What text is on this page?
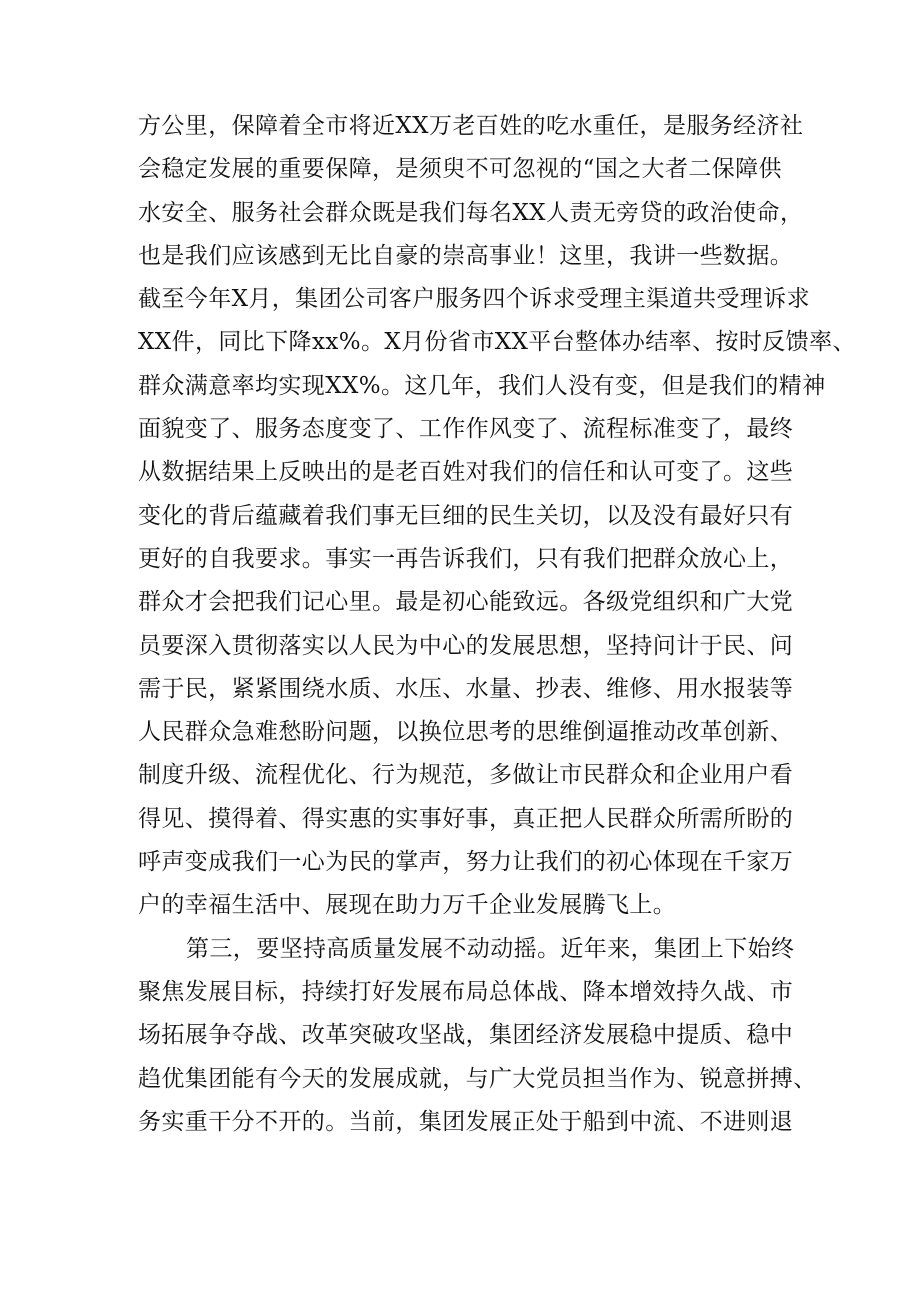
方公里，保障着全市将近XX万老百姓的吃水重任，是服务经济社
会稳定发展的重要保障，是须臾不可忽视的“国之大者二保障供
水安全、服务社会群众既是我们每名XX人责无旁贷的政治使命，
也是我们应该感到无比自豪的崇高事业！这里，我讲一些数据。
截至今年X月，集团公司客户服务四个诉求受理主渠道共受理诉求
XX件，同比下降xx%。X月份省市XX平台整体办结率、按时反馈率、
群众满意率均实现XX%。这几年，我们人没有变，但是我们的精神
面貌变了、服务态度变了、工作作风变了、流程标准变了，最终
从数据结果上反映出的是老百姓对我们的信任和认可变了。这些
变化的背后蕴藏着我们事无巨细的民生关切，以及没有最好只有
更好的自我要求。事实一再告诉我们，只有我们把群众放心上，
群众才会把我们记心里。最是初心能致远。各级党组织和广大党
员要深入贯彻落实以人民为中心的发展思想，坚持问计于民、问
需于民，紧紧围绕水质、水压、水量、抄表、维修、用水报装等
人民群众急难愁盼问题，以换位思考的思维倒逼推动改革创新、
制度升级、流程优化、行为规范，多做让市民群众和企业用户看
得见、摸得着、得实惠的实事好事，真正把人民群众所需所盼的
呼声变成我们一心为民的掌声，努力让我们的初心体现在千家万
户的幸福生活中、展现在助力万千企业发展腾飞上。
第三，要坚持高质量发展不动动摇。近年来，集团上下始终
聚焦发展目标，持续打好发展布局总体战、降本增效持久战、市
场拓展争夺战、改革突破攻坚战，集团经济发展稳中提质、稳中
趋优集团能有今天的发展成就，与广大党员担当作为、锐意拼搏、
务实重干分不开的。当前，集团发展正处于船到中流、不进则退
